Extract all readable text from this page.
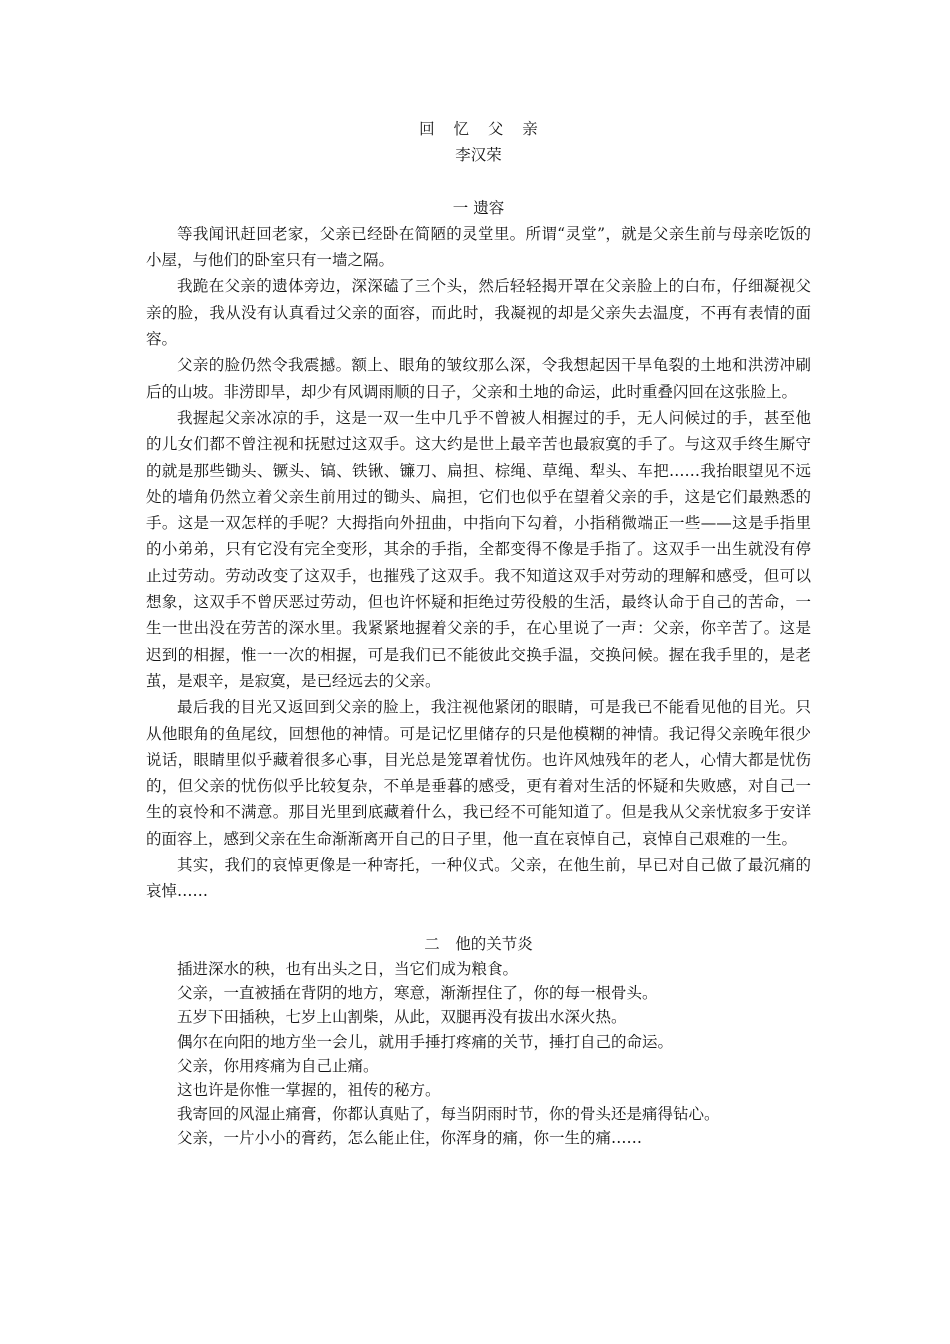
回 忆 父 亲
李汉荣
一 遗容

等我闻讯赶回老家，父亲已经卧在简陋的灵堂里。所谓“灵堂”，就是父亲生前与母亲吃饭的小屋，与他们的卧室只有一墙之隔。

我跪在父亲的遗体旁边，深深磕了三个头，然后轻轻揭开罩在父亲脸上的白布，仔细凝视父亲的脸，我从没有认真看过父亲的面容，而此时，我凝视的却是父亲失去温度，不再有表情的面容。

父亲的脸仍然令我震撼。额上、眼角的皱纹那么深，令我想起因干旱龟裂的土地和洪涝冲刷后的山坡。非涝即旱，却少有风调雨顺的日子，父亲和土地的命运，此时重叠闪回在这张脸上。

我握起父亲冰凉的手，这是一双一生中几乎不曾被人相握过的手，无人问候过的手，甚至他的儿女们都不曾注视和抚慰过这双手。这大约是世上最辛苦也最寂寞的手了。与这双手终生厮守的就是那些锄头、镢头、镐、铁锹、镰刀、扁担、棕绳、草绳、犁头、车把……我抬眼望见不远处的墙角仍然立着父亲生前用过的锄头、扁担，它们也似乎在望着父亲的手，这是它们最熟悉的手。这是一双怎样的手呢？大拇指向外扭曲，中指向下勾着，小指稍微端正一些——这是手指里的小弟弟，只有它没有完全变形，其余的手指，全都变得不像是手指了。这双手一出生就没有停止过劳动。劳动改变了这双手，也摧残了这双手。我不知道这双手对劳动的理解和感受，但可以想象，这双手不曾厌恶过劳动，但也许怀疑和拒绝过劳役般的生活，最终认命于自己的苦命，一生一世出没在劳苦的深水里。我紧紧地握着父亲的手，在心里说了一声：父亲，你辛苦了。这是迟到的相握，惟一一次的相握，可是我们已不能彼此交换手温，交换问候。握在我手里的，是老茧，是艰辛，是寂寞，是已经远去的父亲。

最后我的目光又返回到父亲的脸上，我注视他紧闭的眼睛，可是我已不能看见他的目光。只从他眼角的鱼尾纹，回想他的神情。可是记忆里储存的只是他模糊的神情。我记得父亲晚年很少说话，眼睛里似乎藏着很多心事，目光总是笼罩着忧伤。也许风烛残年的老人，心情大都是忧伤的，但父亲的忧伤似乎比较复杂，不单是垂暮的感受，更有着对生活的怀疑和失败感，对自己一生的哀怜和不满意。那目光里到底藏着什么，我已经不可能知道了。但是我从父亲忧寂多于安详的面容上，感到父亲在生命渐渐离开自己的日子里，他一直在哀悼自己，哀悼自己艰难的一生。

其实，我们的哀悼更像是一种寄托，一种仪式。父亲，在他生前，早已对自己做了最沉痛的哀悼……

二　他的关节炎

插进深水的秧，也有出头之日，当它们成为粮食。

父亲，一直被插在背阴的地方，寒意，渐渐捏住了，你的每一根骨头。

五岁下田插秧，七岁上山割柴，从此，双腿再没有拔出水深火热。

偶尔在向阳的地方坐一会儿，就用手捶打疼痛的关节，捶打自己的命运。

父亲，你用疼痛为自己止痛。

这也许是你惟一掌握的，祖传的秘方。

我寄回的风湿止痛膏，你都认真贴了，每当阴雨时节，你的骨头还是痛得钻心。

父亲，一片小小的膏药，怎么能止住，你浑身的痛，你一生的痛……
